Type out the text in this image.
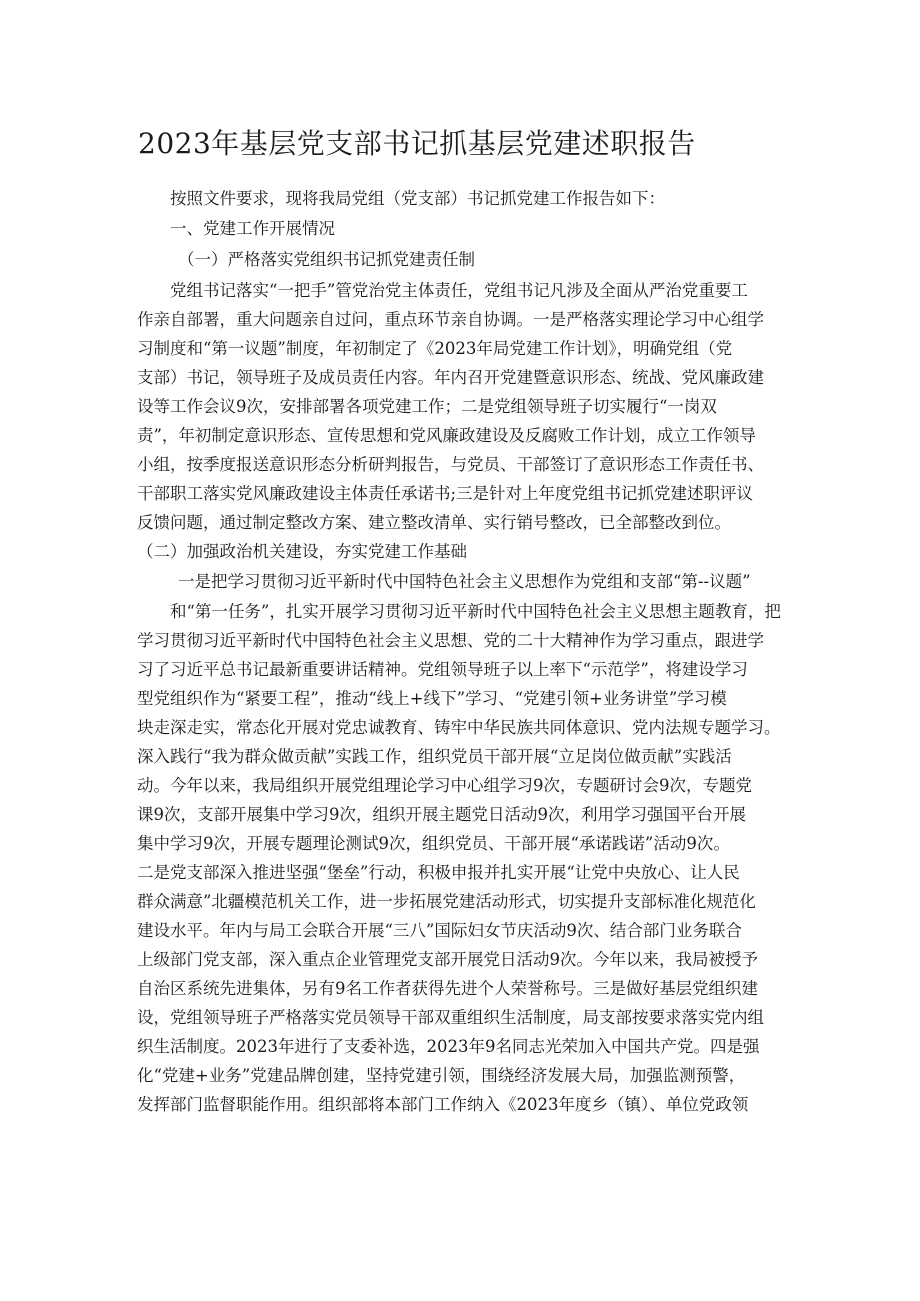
2023年基层党支部书记抓基层党建述职报告

按照文件要求，现将我局党组（党支部）书记抓党建工作报告如下：

一、党建工作开展情况

（一）严格落实党组织书记抓党建责任制

党组书记落实“一把手”管党治党主体责任，党组书记凡涉及全面从严治党重要工

作亲自部署，重大问题亲自过问，重点环节亲自协调。一是严格落实理论学习中心组学

习制度和“第一议题”制度，年初制定了《2023年局党建工作计划》，明确党组（党

支部）书记，领导班子及成员责任内容。年内召开党建暨意识形态、统战、党风廉政建

设等工作会议9次，安排部署各项党建工作；二是党组领导班子切实履行“一岗双

责”，年初制定意识形态、宣传思想和党风廉政建设及反腐败工作计划，成立工作领导

小组，按季度报送意识形态分析研判报告，与党员、干部签订了意识形态工作责任书、

干部职工落实党风廉政建设主体责任承诺书;三是针对上年度党组书记抓党建述职评议

反馈问题，通过制定整改方案、建立整改清单、实行销号整改，已全部整改到位。

（二）加强政治机关建设，夯实党建工作基础

一是把学习贯彻习近平新时代中国特色社会主义思想作为党组和支部“第--议题”

和“第一任务”，扎实开展学习贯彻习近平新时代中国特色社会主义思想主题教育，把

学习贯彻习近平新时代中国特色社会主义思想、党的二十大精神作为学习重点，跟进学

习了习近平总书记最新重要讲话精神。党组领导班子以上率下“示范学”，将建设学习

型党组织作为“紧要工程”，推动“线上+线下”学习、“党建引领+业务讲堂”学习模

块走深走实，常态化开展对党忠诚教育、铸牢中华民族共同体意识、党内法规专题学习。

深入践行“我为群众做贡献”实践工作，组织党员干部开展“立足岗位做贡献”实践活

动。今年以来，我局组织开展党组理论学习中心组学习9次，专题研讨会9次，专题党

课9次，支部开展集中学习9次，组织开展主题党日活动9次，利用学习强国平台开展

集中学习9次，开展专题理论测试9次，组织党员、干部开展“承诺践诺”活动9次。

二是党支部深入推进坚强“堡垒”行动，积极申报并扎实开展“让党中央放心、让人民

群众满意”北疆模范机关工作，进一步拓展党建活动形式，切实提升支部标准化规范化

建设水平。年内与局工会联合开展“三八”国际妇女节庆活动9次、结合部门业务联合

上级部门党支部，深入重点企业管理党支部开展党日活动9次。今年以来，我局被授予

自治区系统先进集体，另有9名工作者获得先进个人荣誉称号。三是做好基层党组织建

设，党组领导班子严格落实党员领导干部双重组织生活制度，局支部按要求落实党内组

织生活制度。2023年进行了支委补选，2023年9名同志光荣加入中国共产党。四是强

化“党建+业务”党建品牌创建，坚持党建引领，围绕经济发展大局，加强监测预警，

发挥部门监督职能作用。组织部将本部门工作纳入《2023年度乡（镇）、单位党政领
